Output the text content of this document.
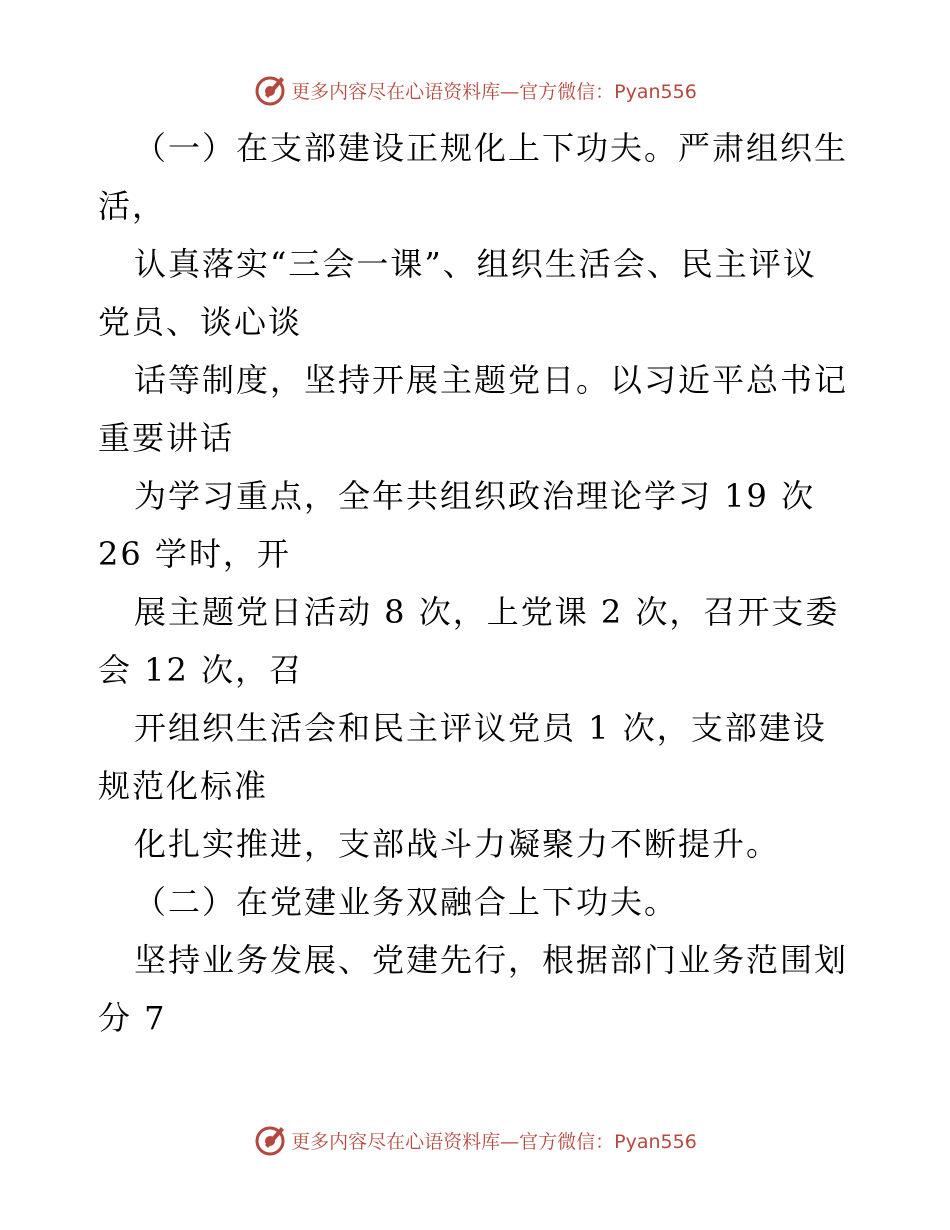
更多内容尽在心语资料库—官方微信：Pyan556
（一）在支部建设正规化上下功夫。严肃组织生
活，
认真落实“三会一课”、组织生活会、民主评议
党员、谈心谈
话等制度，坚持开展主题党日。以习近平总书记
重要讲话
为学习重点，全年共组织政治理论学习 19 次
26 学时，开
展主题党日活动 8 次，上党课 2 次，召开支委
会 12 次，召
开组织生活会和民主评议党员 1 次，支部建设
规范化标准
化扎实推进，支部战斗力凝聚力不断提升。
（二）在党建业务双融合上下功夫。
坚持业务发展、党建先行，根据部门业务范围划
分 7
更多内容尽在心语资料库—官方微信：Pyan556
